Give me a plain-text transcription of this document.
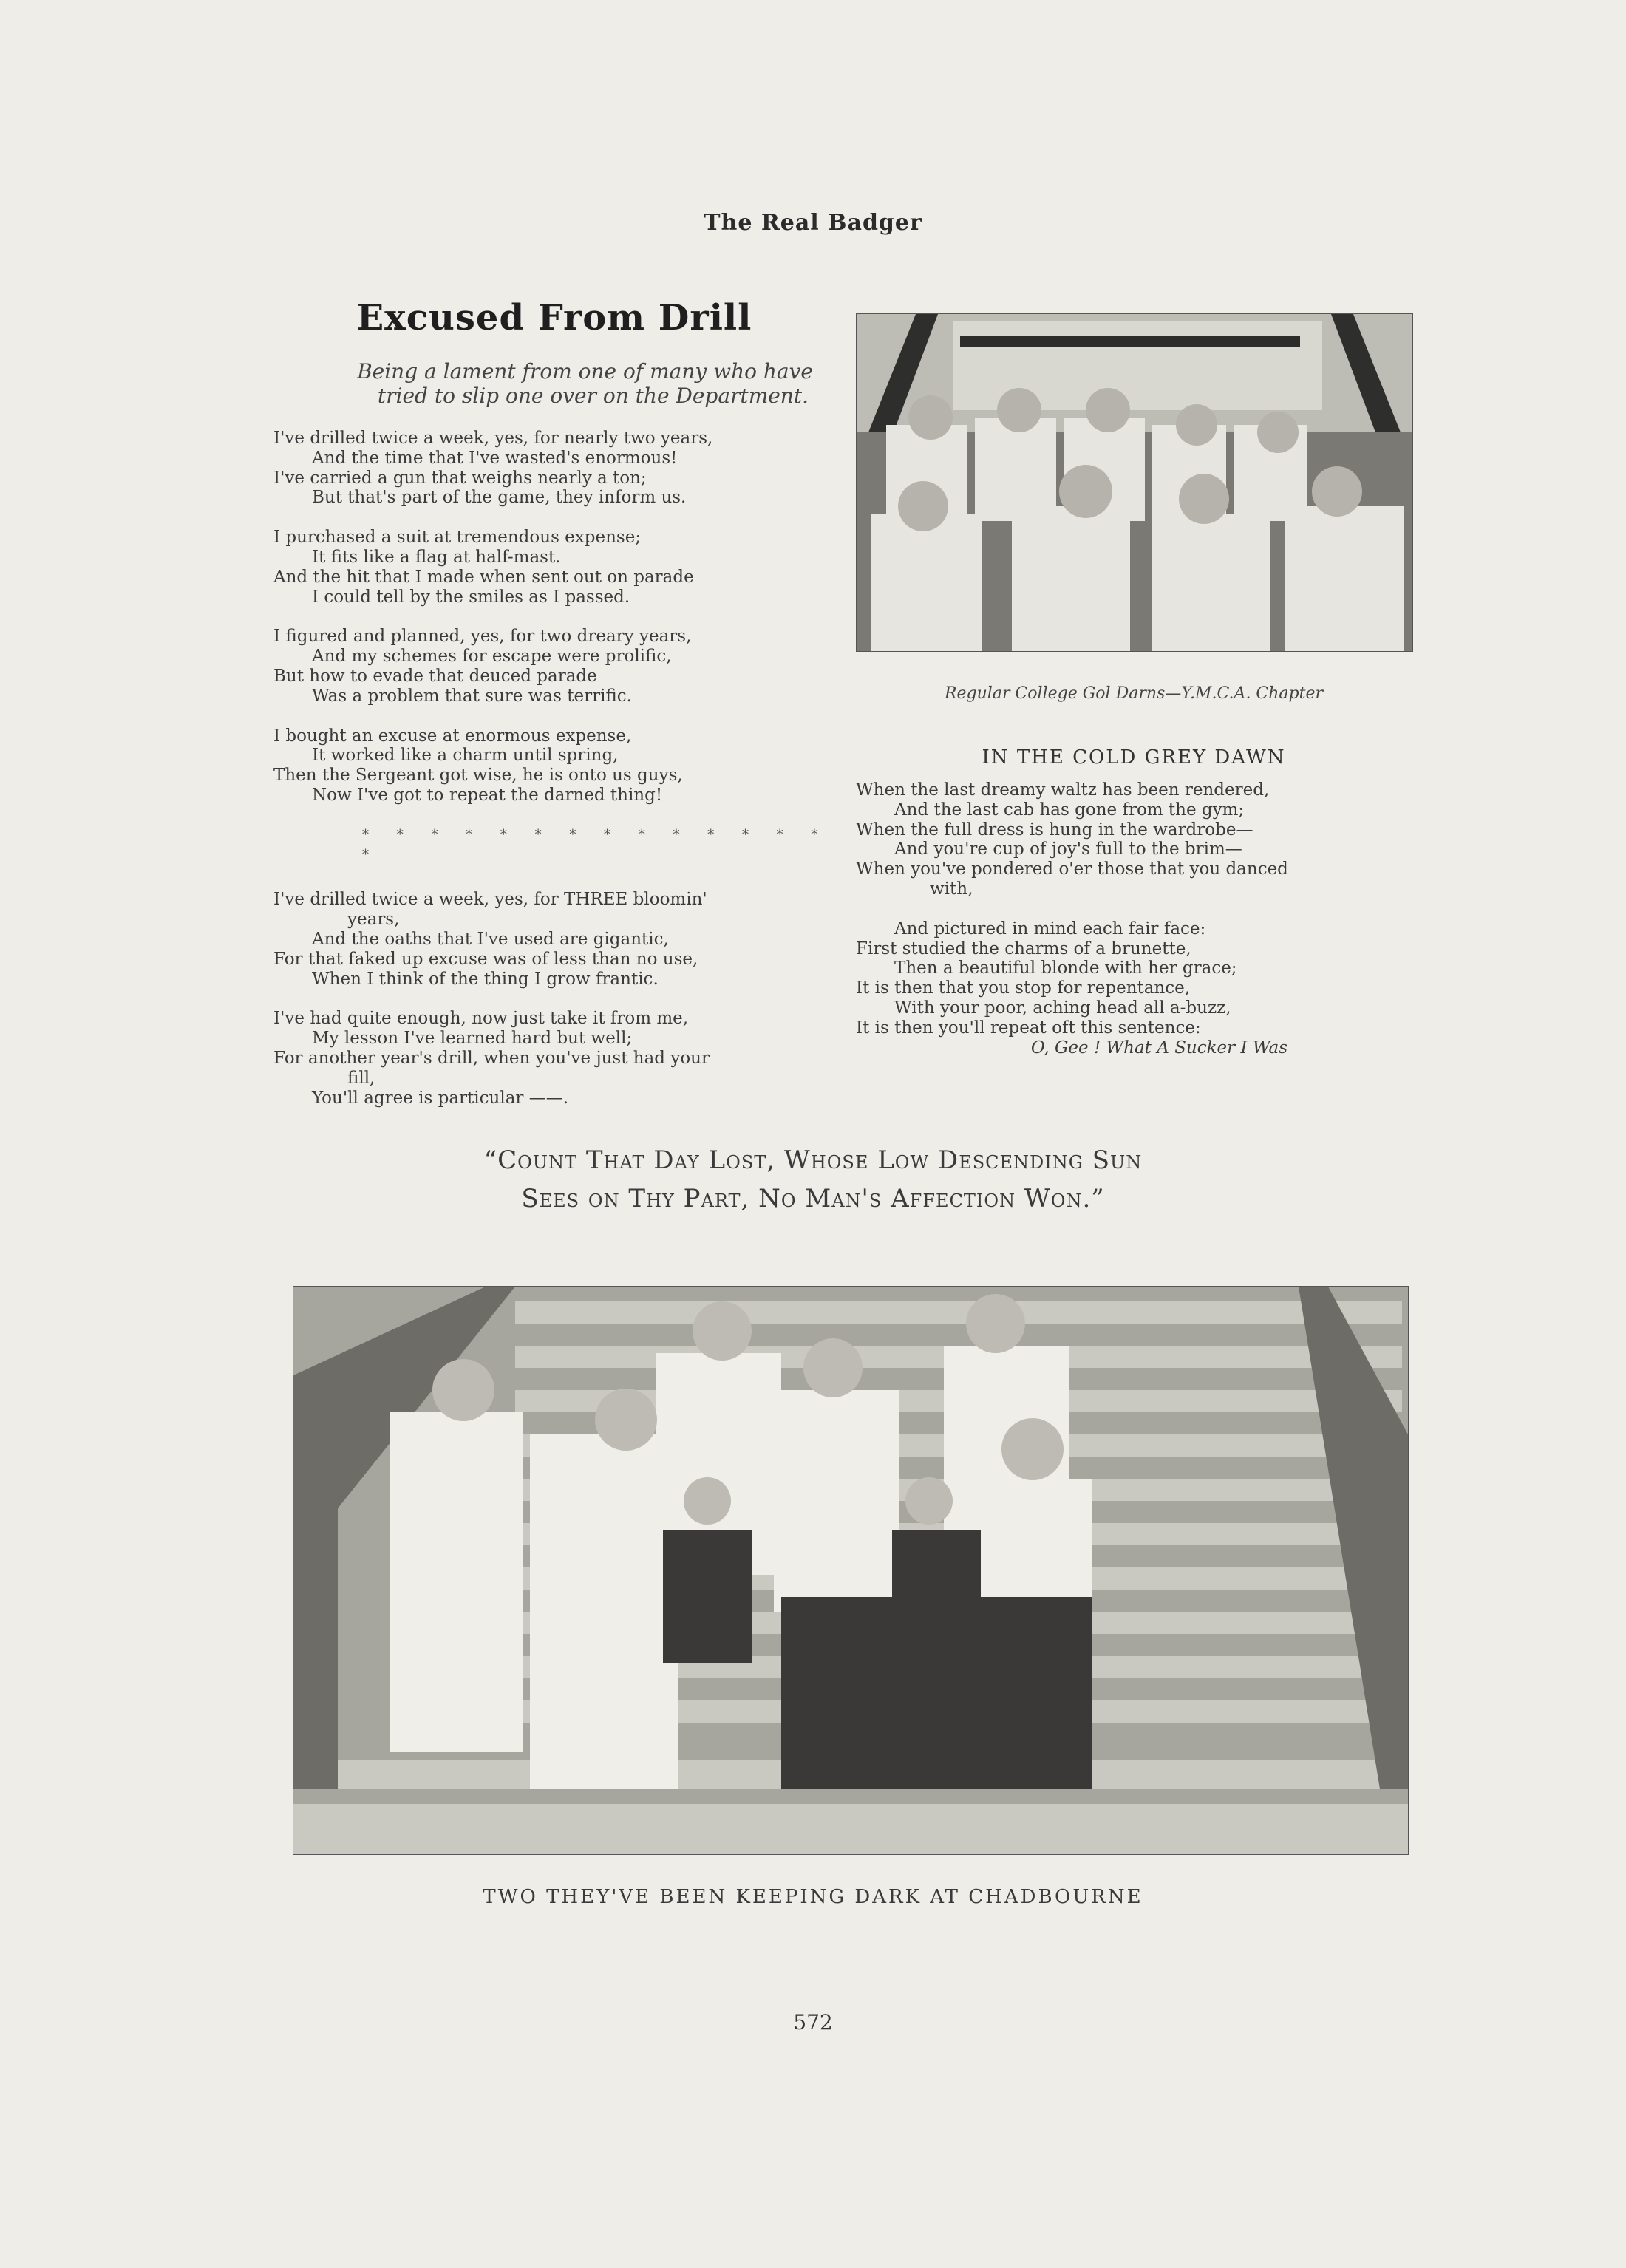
The Real Badger
Excused From Drill
Being a lament from one of many who have
tried to slip one over on the Department.
I've drilled twice a week, yes, for nearly two years,
And the time that I've wasted's enormous!
I've carried a gun that weighs nearly a ton;
But that's part of the game, they inform us.
I purchased a suit at tremendous expense;
It fits like a flag at half-mast.
And the hit that I made when sent out on parade
I could tell by the smiles as I passed.
I figured and planned, yes, for two dreary years,
And my schemes for escape were prolific,
But how to evade that deuced parade
Was a problem that sure was terrific.
I bought an excuse at enormous expense,
It worked like a charm until spring,
Then the Sergeant got wise, he is onto us guys,
Now I've got to repeat the darned thing!
* * * * * * * * * * * * * * *
I've drilled twice a week, yes, for THREE bloomin'
years,
And the oaths that I've used are gigantic,
For that faked up excuse was of less than no use,
When I think of the thing I grow frantic.
I've had quite enough, now just take it from me,
My lesson I've learned hard but well;
For another year's drill, when you've just had your
fill,
You'll agree is particular ——.
Regular College Gol Darns—Y.M.C.A. Chapter
IN THE COLD GREY DAWN
When the last dreamy waltz has been rendered,
And the last cab has gone from the gym;
When the full dress is hung in the wardrobe—
And you're cup of joy's full to the brim—
When you've pondered o'er those that you danced
with,
And pictured in mind each fair face:
First studied the charms of a brunette,
Then a beautiful blonde with her grace;
It is then that you stop for repentance,
With your poor, aching head all a-buzz,
It is then you'll repeat oft this sentence:
O, Gee ! What A Sucker I Was
“Count That Day Lost, Whose Low Descending Sun
Sees on Thy Part, No Man's Affection Won.”
TWO THEY'VE BEEN KEEPING DARK AT CHADBOURNE
572
